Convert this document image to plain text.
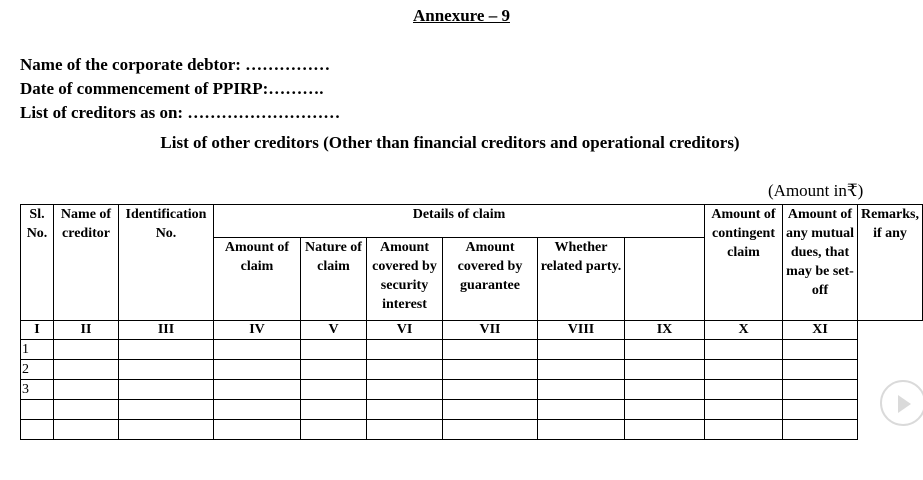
Annexure – 9
Name of the corporate debtor: ……………
Date of commencement of PPIRP:……….
List of creditors as on: ………………………
List of other creditors (Other than financial creditors and operational creditors)
(Amount in₹)
Sl. No.	Name of creditor	Identification No.	Details of claim						Amount of contingent claim	Amount of any mutual dues, that may be set- off	Remarks, if any
			Amount of claim	Nature of claim	Amount covered by security interest	Amount covered by guarantee	Whether related party.				
I	II	III	IV	V	VI	VII	VIII	IX	X	XI	
1											
2											
3											
